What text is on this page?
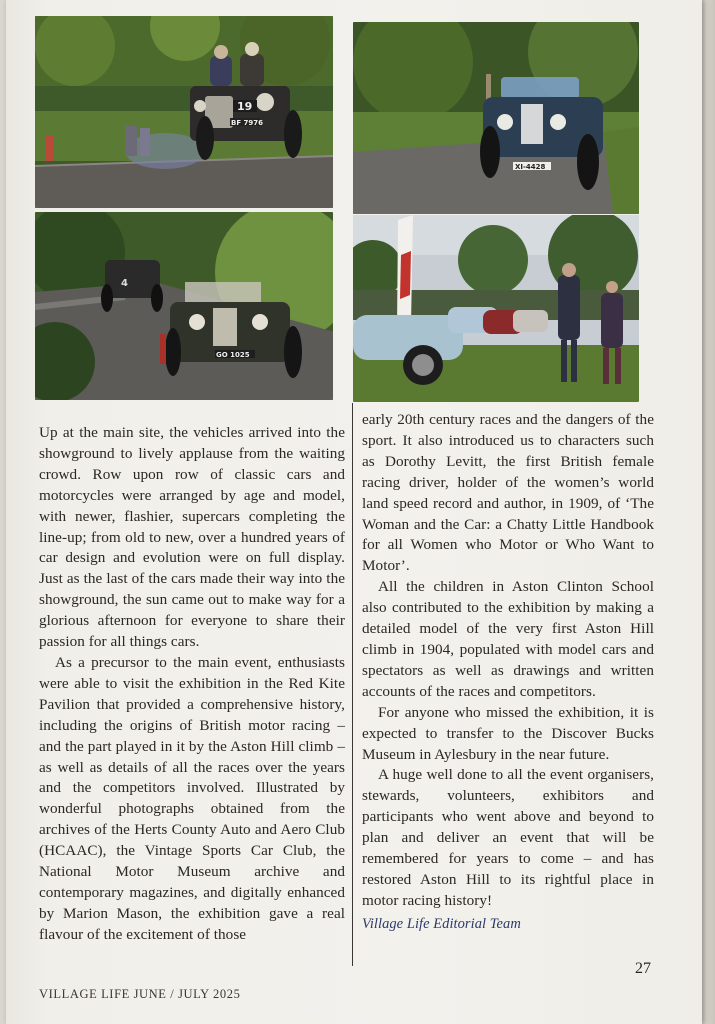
19
BF 7976
XI-4428
4
GO 1025

Up at the main site, the vehicles arrived into the showground to lively applause from the waiting crowd. Row upon row of classic cars and motorcycles were arranged by age and model, with newer, flashier, supercars completing the line-up; from old to new, over a hundred years of car design and evolution were on full display. Just as the last of the cars made their way into the showground, the sun came out to make way for a glorious afternoon for everyone to share their passion for all things cars.

As a precursor to the main event, enthusiasts were able to visit the exhibition in the Red Kite Pavilion that provided a comprehensive history, including the origins of British motor racing – and the part played in it by the Aston Hill climb – as well as details of all the races over the years and the competitors involved. Illustrated by wonderful photographs obtained from the archives of the Herts County Auto and Aero Club (HCAAC), the Vintage Sports Car Club, the National Motor Museum archive and contemporary magazines, and digitally enhanced by Marion Mason, the exhibition gave a real flavour of the excitement of those

early 20th century races and the dangers of the sport. It also introduced us to characters such as Dorothy Levitt, the first British female racing driver, holder of the women’s world land speed record and author, in 1909, of ‘The Woman and the Car: a Chatty Little Handbook for all Women who Motor or Who Want to Motor’.

All the children in Aston Clinton School also contributed to the exhibition by making a detailed model of the very first Aston Hill climb in 1904, populated with model cars and spectators as well as drawings and written accounts of the races and competitors.

For anyone who missed the exhibition, it is expected to transfer to the Discover Bucks Museum in Aylesbury in the near future.

A huge well done to all the event organisers, stewards, volunteers, exhibitors and participants who went above and beyond to plan and deliver an event that will be remembered for years to come – and has restored Aston Hill to its rightful place in motor racing history!

Village Life Editorial Team
27
VILLAGE LIFE JUNE / JULY 2025
